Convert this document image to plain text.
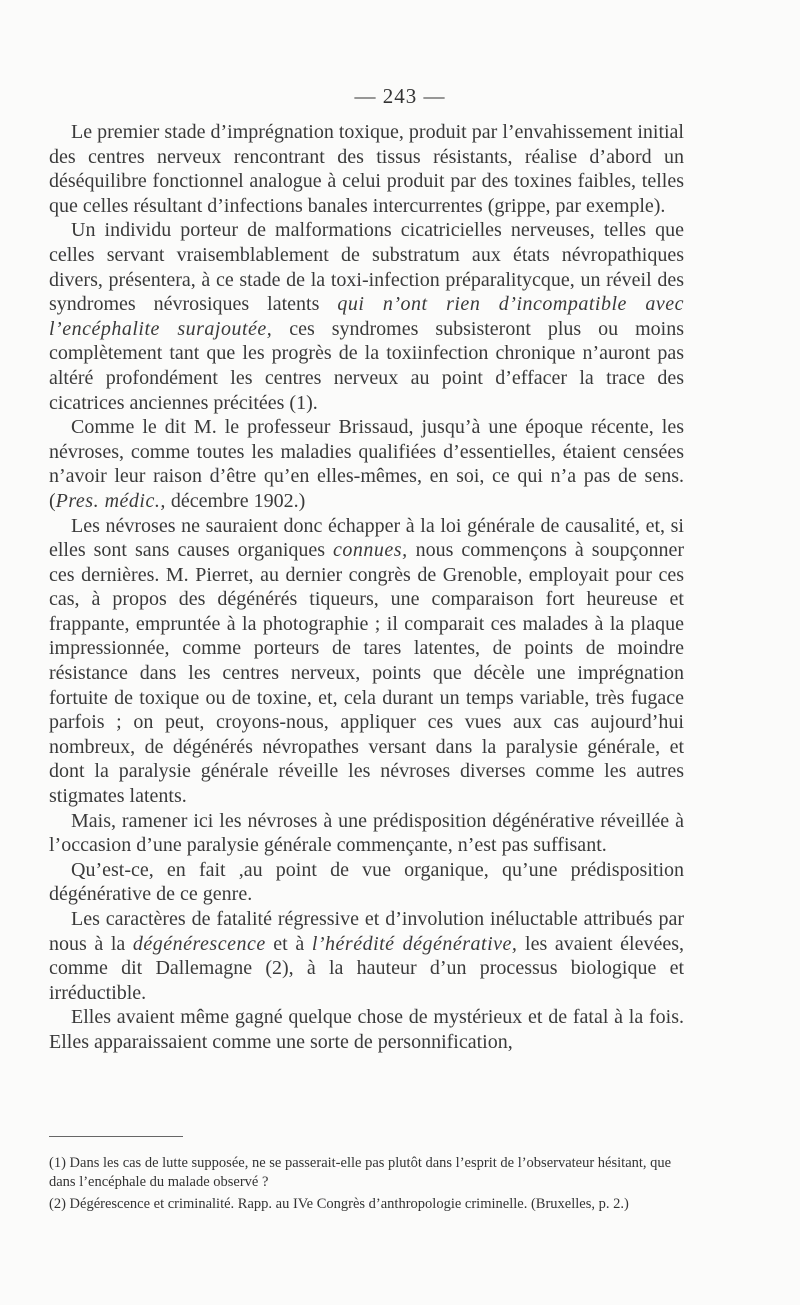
— 243 —

Le premier stade d’imprégnation toxique, produit par l’envahissement initial des centres nerveux rencontrant des tissus résistants, réalise d’abord un déséquilibre fonctionnel analogue à celui produit par des toxines faibles, telles que celles résultant d’infections banales intercurrentes (grippe, par exemple).

Un individu porteur de malformations cicatricielles nerveuses, telles que celles servant vraisemblablement de substratum aux états névropathiques divers, présentera, à ce stade de la toxi-infection préparalitycque, un réveil des syndromes névrosiques latents qui n’ont rien d’incompatible avec l’encéphalite surajoutée, ces syndromes subsisteront plus ou moins complètement tant que les progrès de la toxiinfection chronique n’auront pas altéré profondément les centres nerveux au point d’effacer la trace des cicatrices anciennes précitées (1).

Comme le dit M. le professeur Brissaud, jusqu’à une époque récente, les névroses, comme toutes les maladies qualifiées d’essentielles, étaient censées n’avoir leur raison d’être qu’en elles-mêmes, en soi, ce qui n’a pas de sens. (Pres. médic., décembre 1902.)

Les névroses ne sauraient donc échapper à la loi générale de causalité, et, si elles sont sans causes organiques connues, nous commençons à soupçonner ces dernières. M. Pierret, au dernier congrès de Grenoble, employait pour ces cas, à propos des dégénérés tiqueurs, une comparaison fort heureuse et frappante, empruntée à la photographie ; il comparait ces malades à la plaque impressionnée, comme porteurs de tares latentes, de points de moindre résistance dans les centres nerveux, points que décèle une imprégnation fortuite de toxique ou de toxine, et, cela durant un temps variable, très fugace parfois ; on peut, croyons-nous, appliquer ces vues aux cas aujourd’hui nombreux, de dégénérés névropathes versant dans la paralysie générale, et dont la paralysie générale réveille les névroses diverses comme les autres stigmates latents.

Mais, ramener ici les névroses à une prédisposition dégénérative réveillée à l’occasion d’une paralysie générale commençante, n’est pas suffisant.

Qu’est-ce, en fait ,au point de vue organique, qu’une prédisposition dégénérative de ce genre.

Les caractères de fatalité régressive et d’involution inéluctable attribués par nous à la dégénérescence et à l’hérédité dégénérative, les avaient élevées, comme dit Dallemagne (2), à la hauteur d’un processus biologique et irréductible.

Elles avaient même gagné quelque chose de mystérieux et de fatal à la fois. Elles apparaissaient comme une sorte de personnification,

(1) Dans les cas de lutte supposée, ne se passerait-elle pas plutôt dans l’esprit de l’observateur hésitant, que dans l’encéphale du malade observé ?

(2) Dégérescence et criminalité. Rapp. au IVe Congrès d’anthropologie criminelle. (Bruxelles, p. 2.)
